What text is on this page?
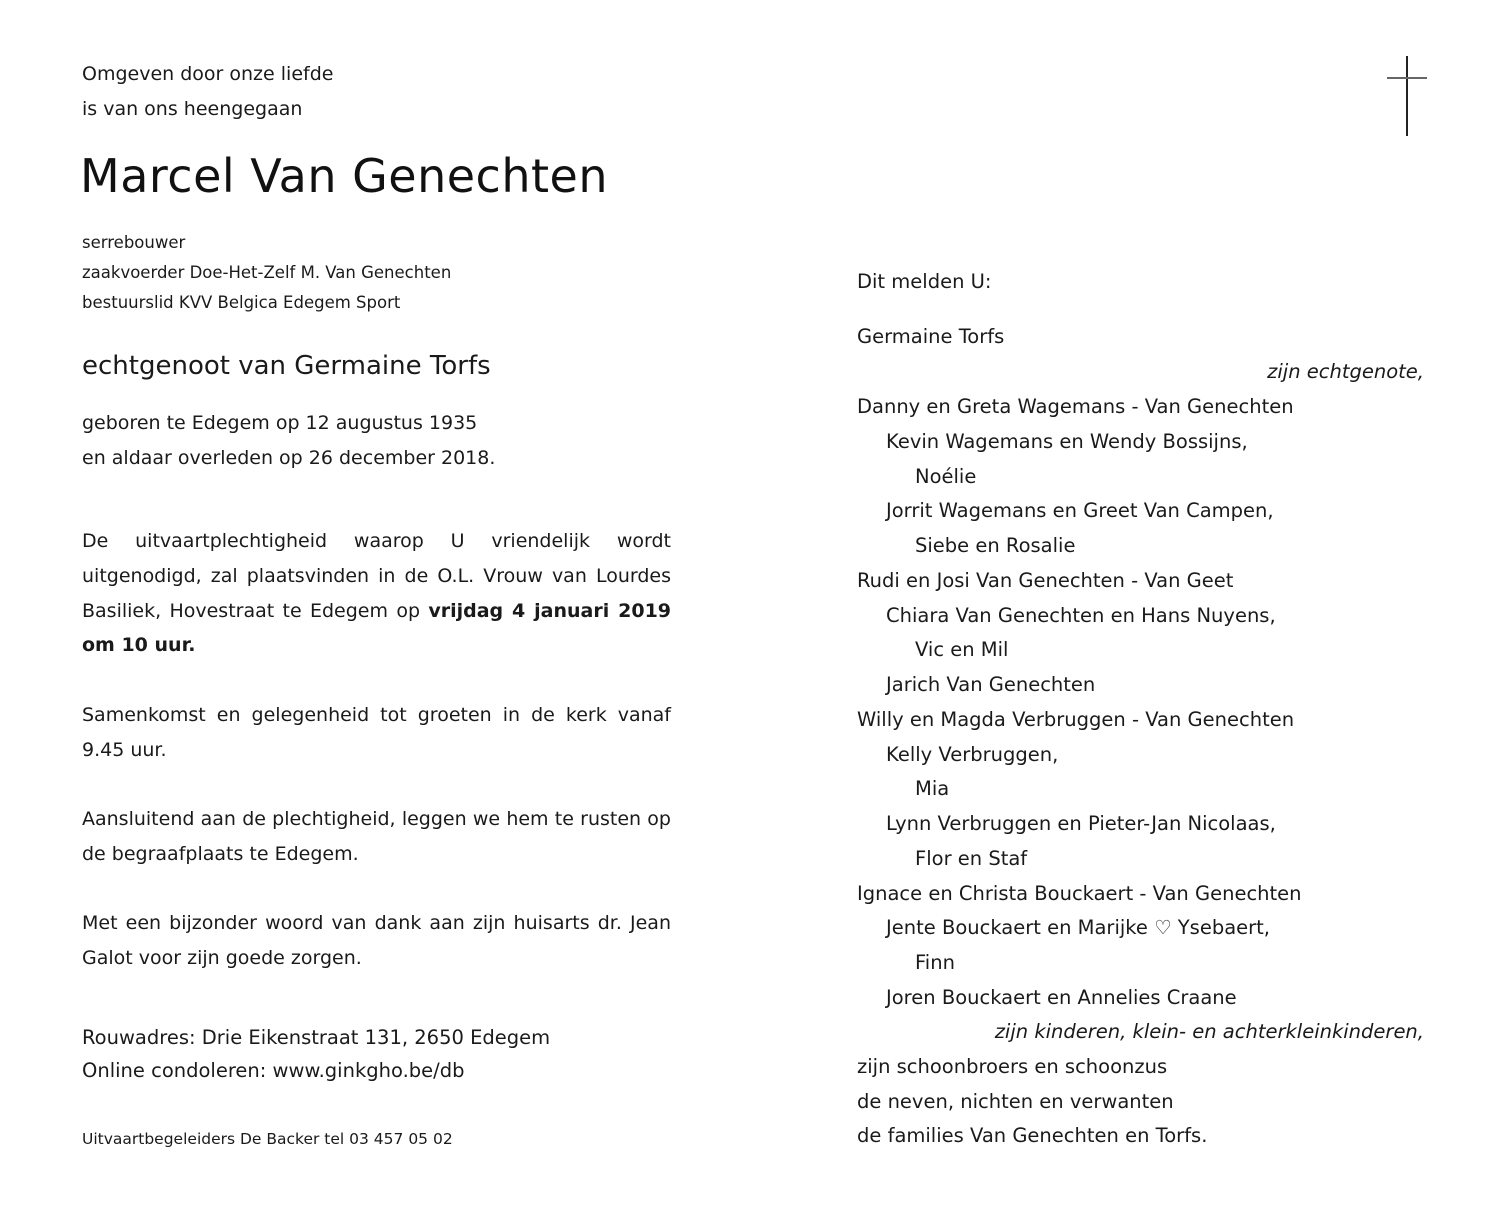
Omgeven door onze liefde
is van ons heengegaan
Marcel Van Genechten
serrebouwer
zaakvoerder Doe-Het-Zelf M. Van Genechten
bestuurslid KVV Belgica Edegem Sport
echtgenoot van Germaine Torfs
geboren te Edegem op 12 augustus 1935
en aldaar overleden op 26 december 2018.
De uitvaartplechtigheid waarop U vriendelijk wordt uitgenodigd, zal plaatsvinden in de O.L. Vrouw van Lourdes Basiliek, Hovestraat te Edegem op vrijdag 4 januari 2019 om 10 uur.
Samenkomst en gelegenheid tot groeten in de kerk vanaf 9.45 uur.
Aansluitend aan de plechtigheid, leggen we hem te rusten op de begraafplaats te Edegem.
Met een bijzonder woord van dank aan zijn huisarts dr. Jean Galot voor zijn goede zorgen.
Rouwadres: Drie Eikenstraat 131, 2650 Edegem
Online condoleren: www.ginkgho.be/db
Uitvaartbegeleiders De Backer tel 03 457 05 02
Dit melden U:
Germaine Torfs
zijn echtgenote,
Danny en Greta Wagemans - Van Genechten
Kevin Wagemans en Wendy Bossijns,
Noélie
Jorrit Wagemans en Greet Van Campen,
Siebe en Rosalie
Rudi en Josi Van Genechten - Van Geet
Chiara Van Genechten en Hans Nuyens,
Vic en Mil
Jarich Van Genechten
Willy en Magda Verbruggen - Van Genechten
Kelly Verbruggen,
Mia
Lynn Verbruggen en Pieter-Jan Nicolaas,
Flor en Staf
Ignace en Christa Bouckaert - Van Genechten
Jente Bouckaert en Marijke ♡ Ysebaert,
Finn
Joren Bouckaert en Annelies Craane
zijn kinderen, klein- en achterkleinkinderen,
zijn schoonbroers en schoonzus
de neven, nichten en verwanten
de families Van Genechten en Torfs.
